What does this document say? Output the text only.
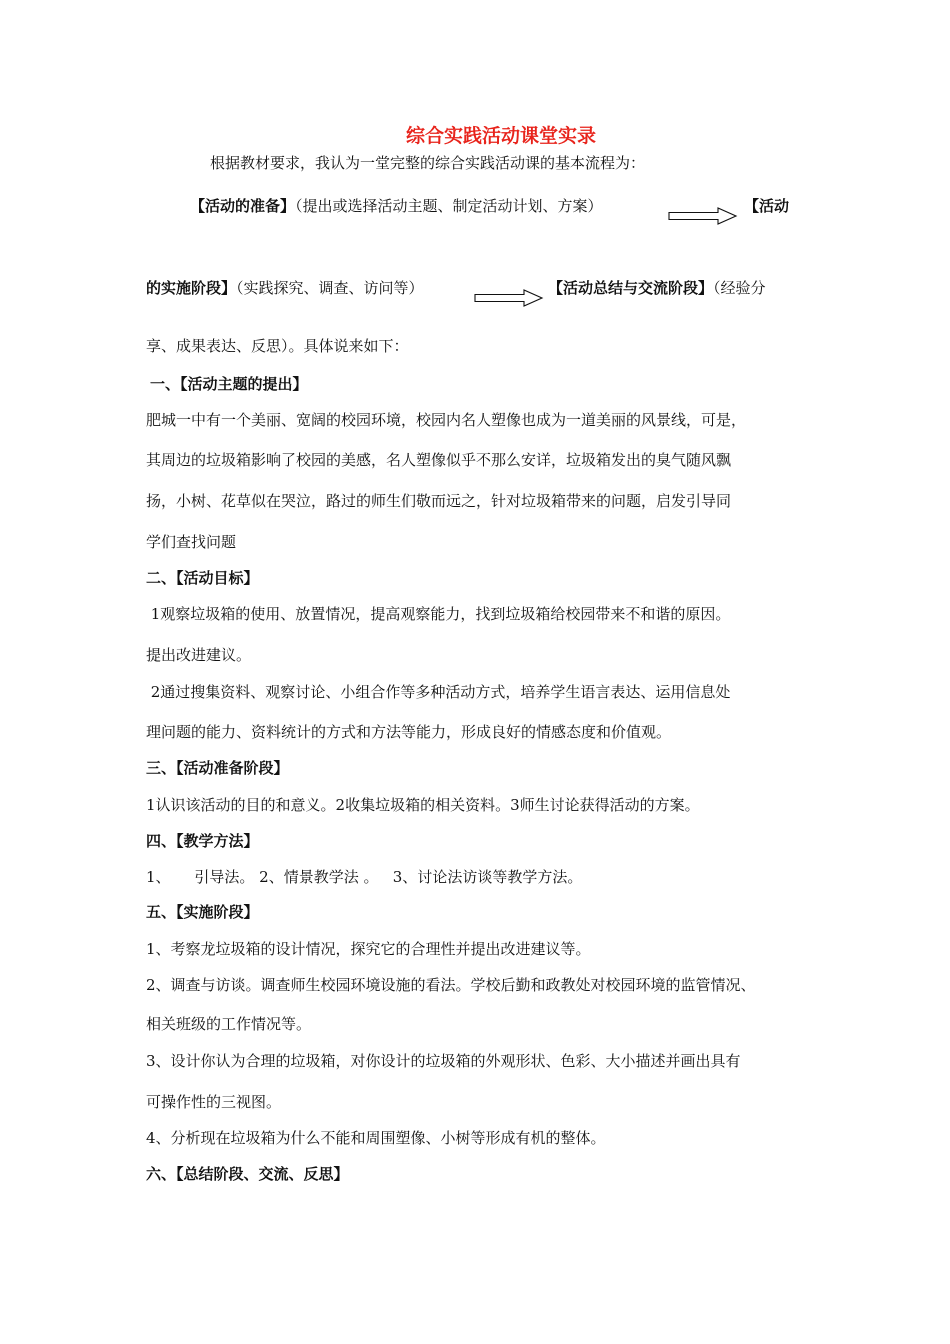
综合实践活动课堂实录
根据教材要求，我认为一堂完整的综合实践活动课的基本流程为：
【活动的准备】（提出或选择活动主题、制定活动计划、方案）	【活动
的实施阶段】（实践探究、调查、访问等）	【活动总结与交流阶段】（经验分
享、成果表达、反思）。具体说来如下：
一、【活动主题的提出】
肥城一中有一个美丽、宽阔的校园环境，校园内名人塑像也成为一道美丽的风景线，可是，
其周边的垃圾箱影响了校园的美感，名人塑像似乎不那么安详，垃圾箱发出的臭气随风飘
扬，小树、花草似在哭泣，路过的师生们敬而远之，针对垃圾箱带来的问题，启发引导同
学们查找问题
二、【活动目标】
1观察垃圾箱的使用、放置情况，提高观察能力，找到垃圾箱给校园带来不和谐的原因。
提出改进建议。
2通过搜集资料、观察讨论、小组合作等多种活动方式，培养学生语言表达、运用信息处
理问题的能力、资料统计的方式和方法等能力，形成良好的情感态度和价值观。
三、【活动准备阶段】
1认识该活动的目的和意义。2收集垃圾箱的相关资料。3师生讨论获得活动的方案。
四、【教学方法】
1、     引导法。 2、情景教学法 。   3、讨论法访谈等教学方法。
五、【实施阶段】
1、考察龙垃圾箱的设计情况，探究它的合理性并提出改进建议等。
2、调查与访谈。调查师生校园环境设施的看法。学校后勤和政教处对校园环境的监管情况、
相关班级的工作情况等。
3、设计你认为合理的垃圾箱，对你设计的垃圾箱的外观形状、色彩、大小描述并画出具有
可操作性的三视图。
4、分析现在垃圾箱为什么不能和周围塑像、小树等形成有机的整体。
六、【总结阶段、交流、反思】
